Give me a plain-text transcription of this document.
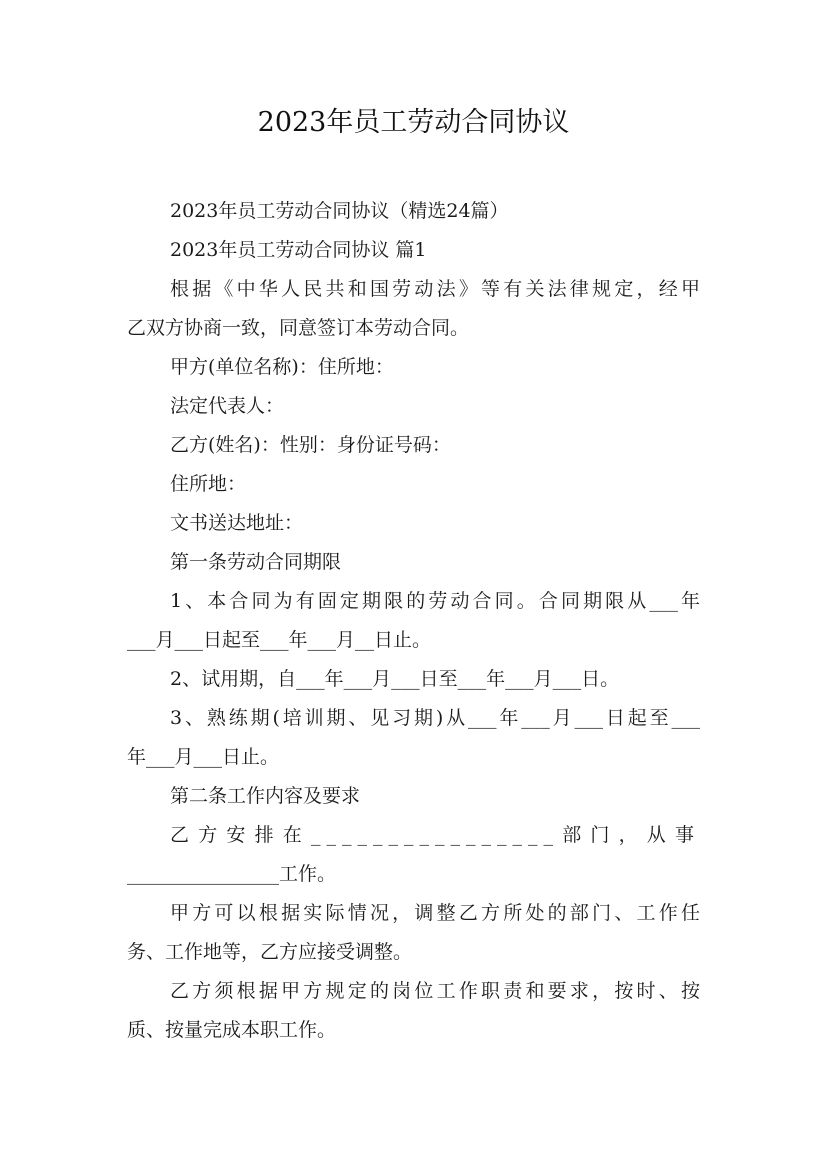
2023年员工劳动合同协议
2023年员工劳动合同协议（精选24篇）
2023年员工劳动合同协议 篇1
根据《中华人民共和国劳动法》等有关法律规定，经甲
乙双方协商一致，同意签订本劳动合同。
甲方(单位名称)：住所地：
法定代表人：
乙方(姓名)：性别：身份证号码：
住所地：
文书送达地址：
第一条劳动合同期限
1、本合同为有固定期限的劳动合同。合同期限从___年
___月___日起至___年___月__日止。
2、试用期，自___年___月___日至___年___月___日。
3、熟练期(培训期、见习期)从___年___月___日起至___
年___月___日止。
第二条工作内容及要求
乙方安排在________________部门，从事
________________工作。
甲方可以根据实际情况，调整乙方所处的部门、工作任
务、工作地等，乙方应接受调整。
乙方须根据甲方规定的岗位工作职责和要求，按时、按
质、按量完成本职工作。
